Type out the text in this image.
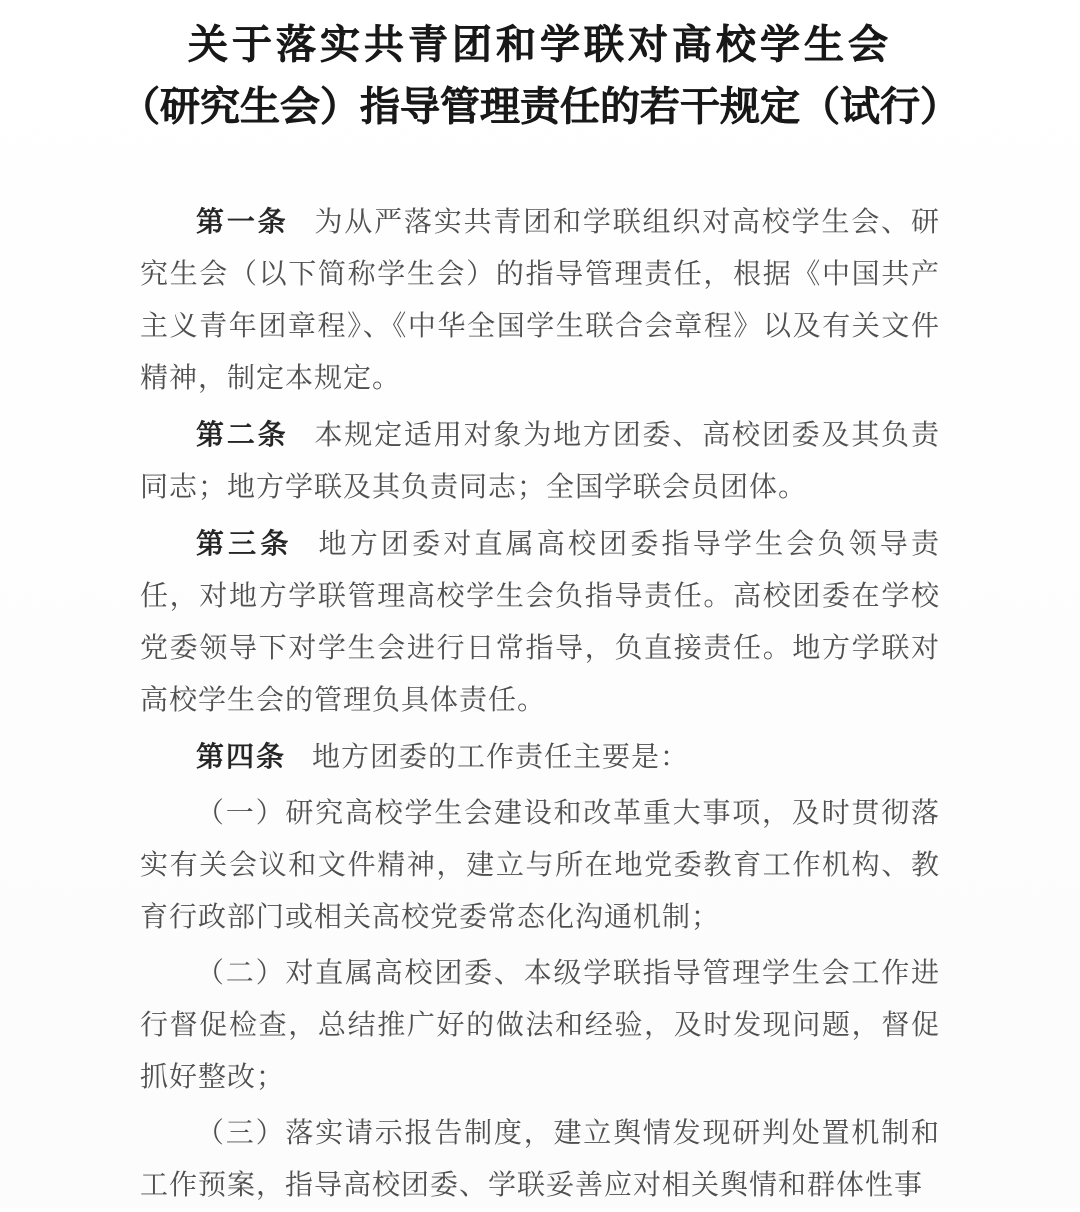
关于落实共青团和学联对高校学生会
（研究生会）指导管理责任的若干规定（试行）

第一条 为从严落实共青团和学联组织对高校学生会、研究生会（以下简称学生会）的指导管理责任，根据《中国共产主义青年团章程》、《中华全国学生联合会章程》以及有关文件精神，制定本规定。

第二条 本规定适用对象为地方团委、高校团委及其负责同志；地方学联及其负责同志；全国学联会员团体。

第三条 地方团委对直属高校团委指导学生会负领导责任，对地方学联管理高校学生会负指导责任。高校团委在学校党委领导下对学生会进行日常指导，负直接责任。地方学联对高校学生会的管理负具体责任。

第四条 地方团委的工作责任主要是：

（一）研究高校学生会建设和改革重大事项，及时贯彻落实有关会议和文件精神，建立与所在地党委教育工作机构、教育行政部门或相关高校党委常态化沟通机制；

（二）对直属高校团委、本级学联指导管理学生会工作进行督促检查，总结推广好的做法和经验，及时发现问题，督促抓好整改；

（三）落实请示报告制度，建立舆情发现研判处置机制和工作预案，指导高校团委、学联妥善应对相关舆情和群体性事
